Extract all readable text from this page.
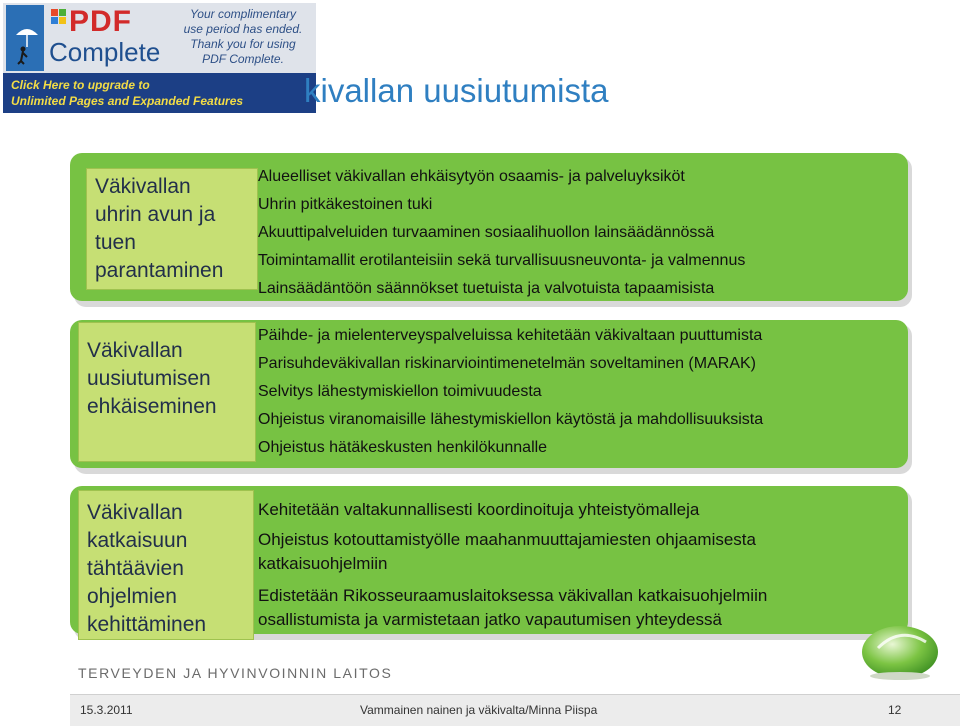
PDF
Complete
Your complimentary
use period has ended.
Thank you for using
PDF Complete.
Click Here to upgrade to
Unlimited Pages and Expanded Features	kivallan uusiutumista
Väkivallan
uhrin avun ja
tuen
parantaminen
Alueelliset väkivallan ehkäisytyön osaamis- ja palveluyksiköt
Uhrin pitkäkestoinen tuki
Akuuttipalveluiden turvaaminen sosiaalihuollon lainsäädännössä
Toimintamallit erotilanteisiin sekä turvallisuusneuvonta- ja valmennus
Lainsäädäntöön säännökset tuetuista ja valvotuista tapaamisista
Väkivallan
uusiutumisen
ehkäiseminen
Päihde- ja mielenterveyspalveluissa kehitetään väkivaltaan puuttumista
Parisuhdeväkivallan riskinarviointimenetelmän soveltaminen (MARAK)
Selvitys lähestymiskiellon toimivuudesta
Ohjeistus viranomaisille lähestymiskiellon käytöstä ja mahdollisuuksista
Ohjeistus hätäkeskusten henkilökunnalle
Väkivallan
katkaisuun
tähtäävien
ohjelmien
kehittäminen
Kehitetään valtakunnallisesti koordinoituja yhteistyömalleja
Ohjeistus kotouttamistyölle maahanmuuttajamiesten ohjaamisesta
katkaisuohjelmiin
Edistetään Rikosseuraamuslaitoksessa väkivallan katkaisuohjelmiin
osallistumista ja varmistetaan jatko vapautumisen yhteydessä
TERVEYDEN JA HYVINVOINNIN LAITOS
15.3.2011	Vammainen nainen ja väkivalta/Minna Piispa	12
